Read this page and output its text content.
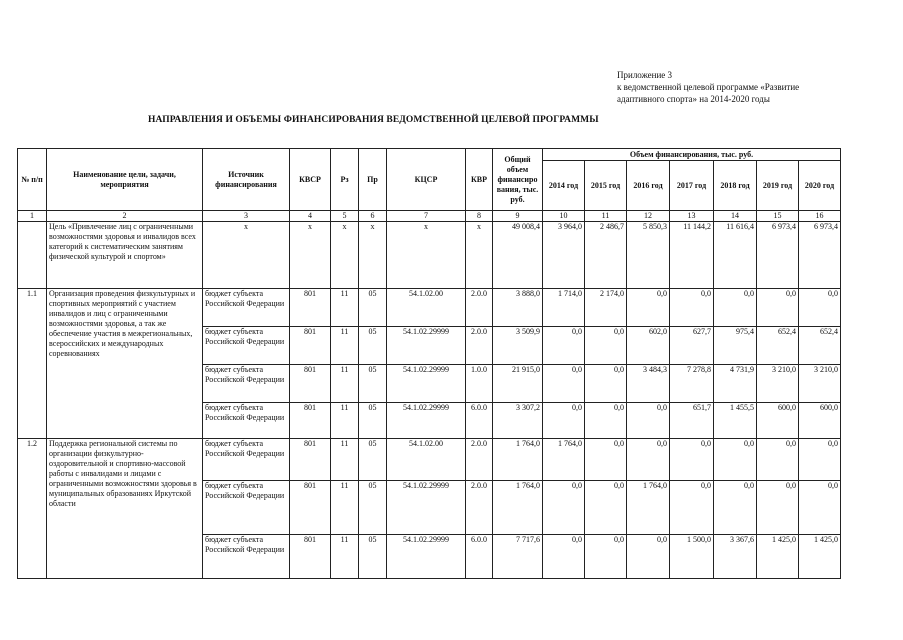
Приложение 3
к ведомственной целевой программе «Развитие
адаптивного спорта» на 2014-2020 годы
НАПРАВЛЕНИЯ И ОБЪЕМЫ ФИНАНСИРОВАНИЯ ВЕДОМСТВЕННОЙ ЦЕЛЕВОЙ ПРОГРАММЫ
№ п/п	Наименование цели, задачи, мероприятия	Источник финансирования	КВСР	Рз	Пр	КЦСР	КВР	Общий объем финансиро вания, тыс. руб.	Объем финансирования, тыс. руб.						
									2014 год	2015 год	2016 год	2017 год	2018 год	2019 год	2020 год
1	2	3	4	5	6	7	8	9	10	11	12	13	14	15	16
	Цель «Привлечение лиц с ограниченными возможностями здоровья и инвалидов всех категорий к систематическим занятиям физической культурой и спортом»	х	х	х	х	х	х	49 008,4	3 964,0	2 486,7	5 850,3	11 144,2	11 616,4	6 973,4	6 973,4
1.1	Организация проведения физкультурных и спортивных мероприятий с участием инвалидов и лиц с ограниченными возможностями здоровья, а так же обеспечение участия в межрегиональных, всероссийских и международных соревнованиях	бюджет субъекта Российской Федерации	801	11	05	54.1.02.00	2.0.0	3 888,0	1 714,0	2 174,0	0,0	0,0	0,0	0,0	0,0
		бюджет субъекта Российской Федерации	801	11	05	54.1.02.29999	2.0.0	3 509,9	0,0	0,0	602,0	627,7	975,4	652,4	652,4
		бюджет субъекта Российской Федерации	801	11	05	54.1.02.29999	1.0.0	21 915,0	0,0	0,0	3 484,3	7 278,8	4 731,9	3 210,0	3 210,0
		бюджет субъекта Российской Федерации	801	11	05	54.1.02.29999	6.0.0	3 307,2	0,0	0,0	0,0	651,7	1 455,5	600,0	600,0
1.2	Поддержка региональной системы по организации физкультурно-оздоровительной и спортивно-массовой работы с инвалидами и лицами с ограниченными возможностями здоровья в муниципальных образованиях Иркутской области	бюджет субъекта Российской Федерации	801	11	05	54.1.02.00	2.0.0	1 764,0	1 764,0	0,0	0,0	0,0	0,0	0,0	0,0
		бюджет субъекта Российской Федерации	801	11	05	54.1.02.29999	2.0.0	1 764,0	0,0	0,0	1 764,0	0,0	0,0	0,0	0,0
		бюджет субъекта Российской Федерации	801	11	05	54.1.02.29999	6.0.0	7 717,6	0,0	0,0	0,0	1 500,0	3 367,6	1 425,0	1 425,0
